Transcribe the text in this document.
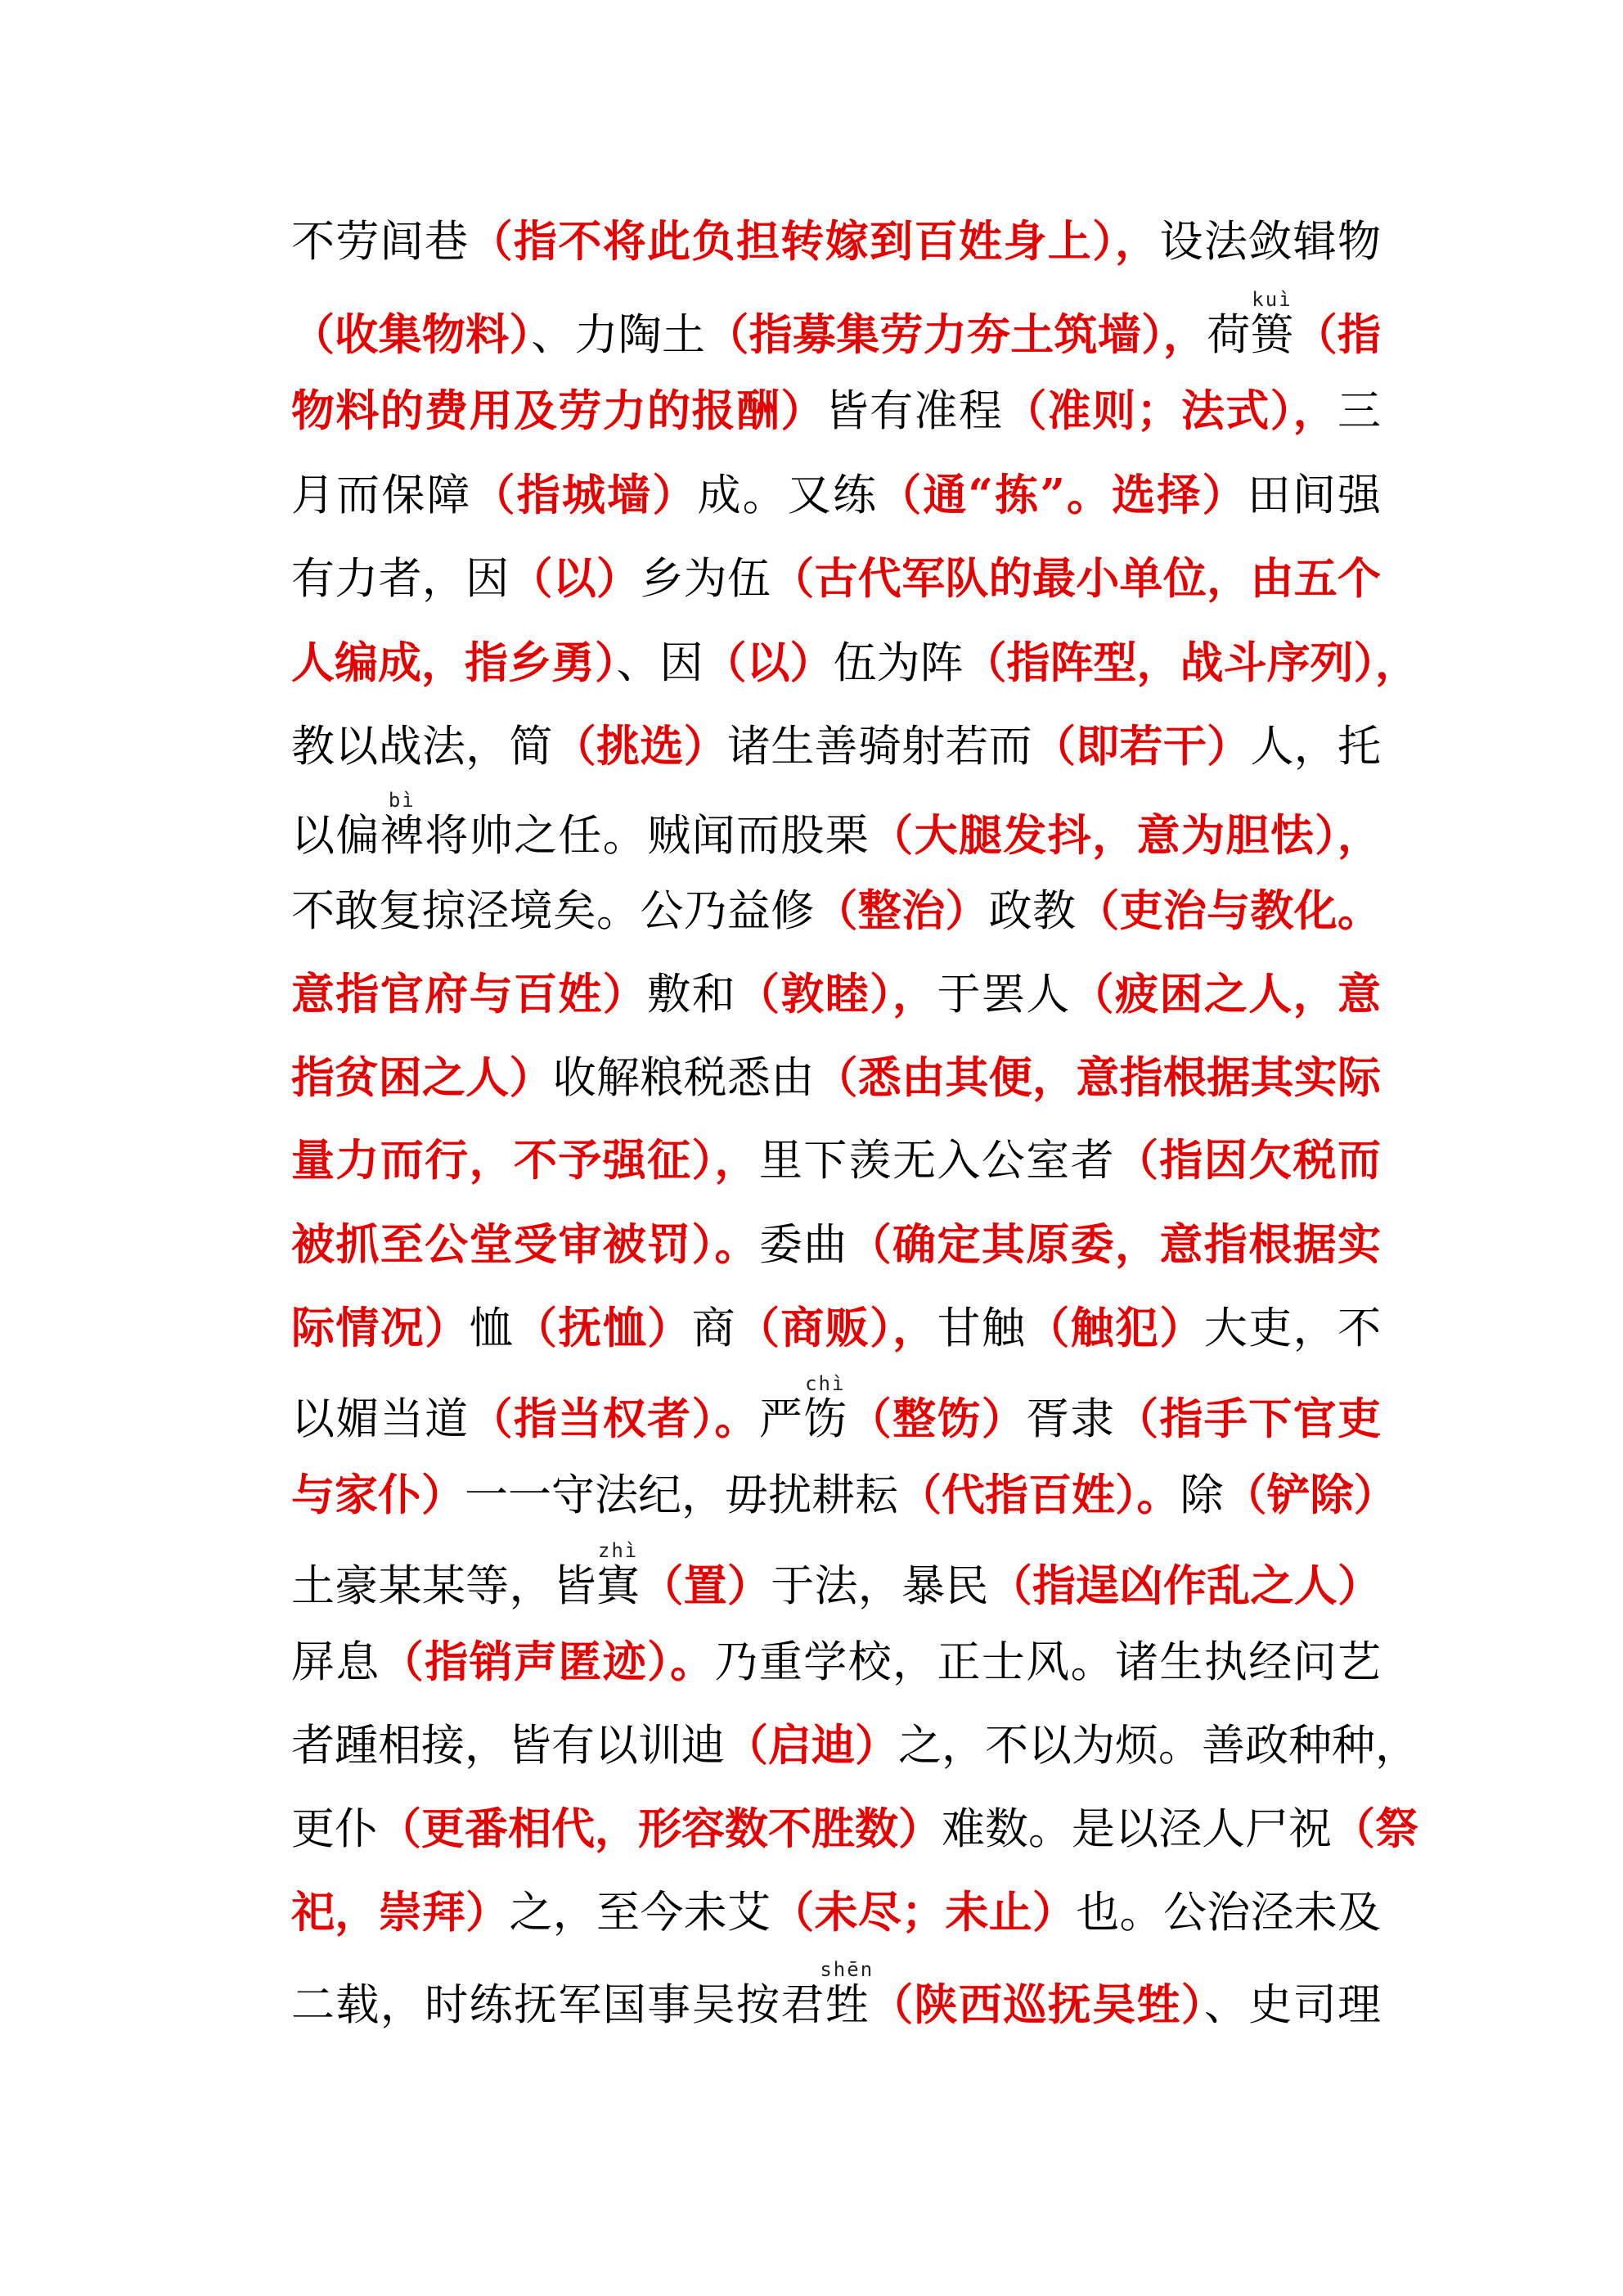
不劳闾巷（指不将此负担转嫁到百姓身上），设法敛辑物
（收集物料）、力陶土（指募集劳力夯土筑墙），荷篑kuì（指
物料的费用及劳力的报酬）皆有准程（准则；法式），三
月而保障（指城墙）成。又练（通“拣”。选择）田间强
有力者，因（以）乡为伍（古代军队的最小单位，由五个
人编成，指乡勇）、因（以）伍为阵（指阵型，战斗序列），
教以战法，简（挑选）诸生善骑射若而（即若干）人，托
以偏裨bì将帅之任。贼闻而股栗（大腿发抖，意为胆怯），
不敢复掠泾境矣。公乃益修（整治）政教（吏治与教化。
意指官府与百姓）敷和（敦睦），于罢人（疲困之人，意
指贫困之人）收解粮税悉由（悉由其便，意指根据其实际
量力而行，不予强征），里下羡无入公室者（指因欠税而
被抓至公堂受审被罚）。委曲（确定其原委，意指根据实
际情况）恤（抚恤）商（商贩），甘触（触犯）大吏，不
以媚当道（指当权者）。严饬chì（整饬）胥隶（指手下官吏
与家仆）一一守法纪，毋扰耕耘（代指百姓）。除（铲除）
土豪某某等，皆寘zhì（置）于法，暴民（指逞凶作乱之人）
屏息（指销声匿迹）。乃重学校，正士风。诸生执经问艺
者踵相接，皆有以训迪（启迪）之，不以为烦。善政种种，
更仆（更番相代，形容数不胜数）难数。是以泾人尸祝（祭
祀，崇拜）之，至今未艾（未尽；未止）也。公治泾未及
二载，时练抚军国事吴按君甡shēn（陕西巡抚吴甡）、史司理
